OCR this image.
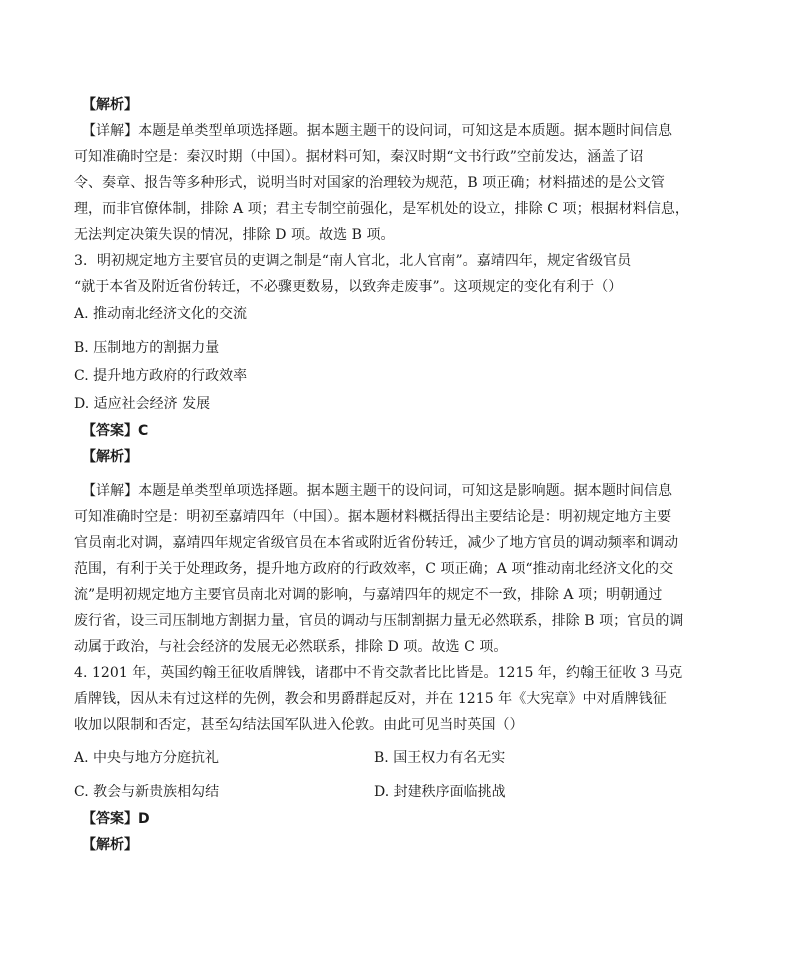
【解析】
【详解】本题是单类型单项选择题。据本题主题干的设问词，可知这是本质题。据本题时间信息
可知准确时空是：秦汉时期（中国）。据材料可知，秦汉时期“文书行政”空前发达，涵盖了诏
令、奏章、报告等多种形式，说明当时对国家的治理较为规范，B 项正确；材料描述的是公文管
理，而非官僚体制，排除 A 项；君主专制空前强化，是军机处的设立，排除 C 项；根据材料信息，
无法判定决策失误的情况，排除 D 项。故选 B 项。
3．明初规定地方主要官员的吏调之制是“南人官北，北人官南”。嘉靖四年，规定省级官员
“就于本省及附近省份转迁，不必骤更数易，以致奔走废事”。这项规定的变化有利于（）
A. 推动南北经济文化的交流
B. 压制地方的割据力量
C. 提升地方政府的行政效率
D. 适应社会经济 发展
【答案】C
【解析】
【详解】本题是单类型单项选择题。据本题主题干的设问词，可知这是影响题。据本题时间信息
可知准确时空是：明初至嘉靖四年（中国）。据本题材料概括得出主要结论是：明初规定地方主要
官员南北对调，嘉靖四年规定省级官员在本省或附近省份转迁，减少了地方官员的调动频率和调动
范围，有利于关于处理政务，提升地方政府的行政效率，C 项正确；A 项“推动南北经济文化的交
流”是明初规定地方主要官员南北对调的影响，与嘉靖四年的规定不一致，排除 A 项；明朝通过
废行省，设三司压制地方割据力量，官员的调动与压制割据力量无必然联系，排除 B 项；官员的调
动属于政治，与社会经济的发展无必然联系，排除 D 项。故选 C 项。
4. 1201 年，英国约翰王征收盾牌钱，诸郡中不肯交款者比比皆是。1215 年，约翰王征收 3 马克
盾牌钱，因从未有过这样的先例，教会和男爵群起反对，并在 1215 年《大宪章》中对盾牌钱征
收加以限制和否定，甚至勾结法国军队进入伦敦。由此可见当时英国（）
A. 中央与地方分庭抗礼	B. 国王权力有名无实
C. 教会与新贵族相勾结	D. 封建秩序面临挑战
【答案】D
【解析】
